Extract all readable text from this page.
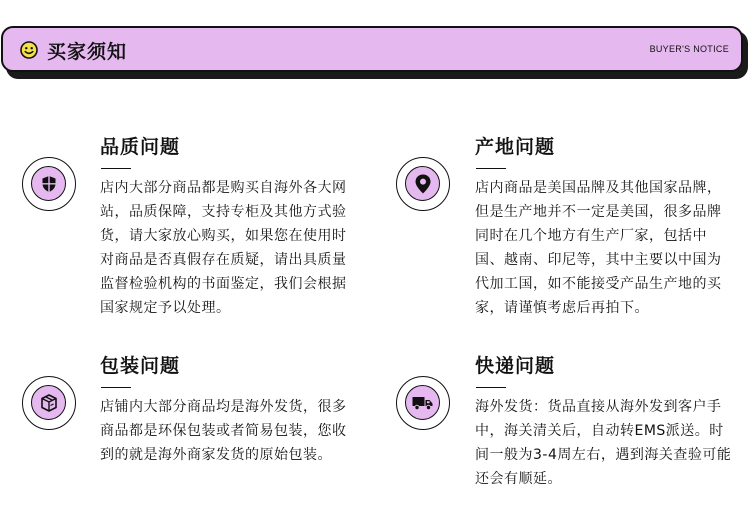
买家须知	BUYER'S NOTICE
品质问题
店内大部分商品都是购买自海外各大网站，品质保障，支持专柜及其他方式验货，请大家放心购买，如果您在使用时对商品是否真假存在质疑，请出具质量监督检验机构的书面鉴定，我们会根据国家规定予以处理。
产地问题
店内商品是美国品牌及其他国家品牌，但是生产地并不一定是美国，很多品牌同时在几个地方有生产厂家，包括中国、越南、印尼等，其中主要以中国为代加工国，如不能接受产品生产地的买家，请谨慎考虑后再拍下。
包装问题
店铺内大部分商品均是海外发货，很多商品都是环保包装或者简易包装，您收到的就是海外商家发货的原始包装。
快递问题
海外发货：货品直接从海外发到客户手中，海关清关后，自动转EMS派送。时间一般为3-4周左右，遇到海关查验可能还会有顺延。
